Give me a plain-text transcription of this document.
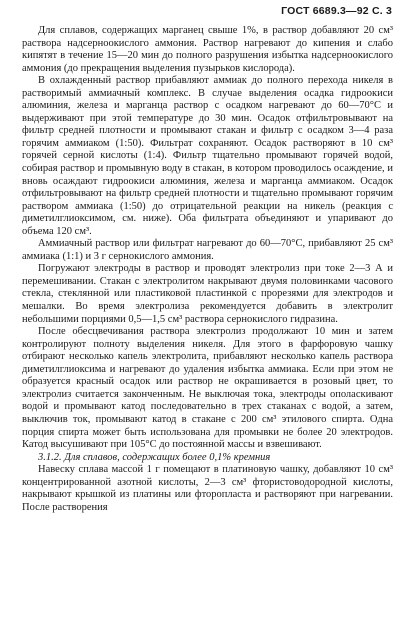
ГОСТ 6689.3—92 С. 3

Для сплавов, содержащих марганец свыше 1%, в раствор добавляют 20 см³ раствора надсерноокислого аммония. Раствор нагревают до кипения и слабо кипятят в течение 15—20 мин до полного разрушения избытка надсерноокислого аммония (до прекращения выделения пузырьков кислорода).

В охлажденный раствор прибавляют аммиак до полного перехода никеля в растворимый аммиачный комплекс. В случае выделения осадка гидроокиси алюминия, железа и марганца раствор с осадком нагревают до 60—70°С и выдерживают при этой температуре до 30 мин. Осадок отфильтровывают на фильтр средней плотности и промывают стакан и фильтр с осадком 3—4 раза горячим аммиаком (1:50). Фильтрат сохраняют. Осадок растворяют в 10 см³ горячей серной кислоты (1:4). Фильтр тщательно промывают горячей водой, собирая раствор и промывную воду в стакан, в котором проводилось осаждение, и вновь осаждают гидроокиси алюминия, железа и марганца аммиаком. Осадок отфильтровывают на фильтр средней плотности и тщательно промывают горячим раствором аммиака (1:50) до отрицательной реакции на никель (реакция с диметилглиоксимом, см. ниже). Оба фильтрата объединяют и упаривают до объема 120 см³.

Аммиачный раствор или фильтрат нагревают до 60—70°С, прибавляют 25 см³ аммиака (1:1) и 3 г сернокислого аммония.

Погружают электроды в раствор и проводят электролиз при токе 2—3 А и перемешивании. Стакан с электролитом накрывают двумя половинками часового стекла, стеклянной или пластиковой пластинкой с прорезями для электродов и мешалки. Во время электролиза рекомендуется добавить в электролит небольшими порциями 0,5—1,5 см³ раствора сернокислого гидразина.

После обесцвечивания раствора электролиз продолжают 10 мин и затем контролируют полноту выделения никеля. Для этого в фарфоровую чашку отбирают несколько капель электролита, прибавляют несколько капель раствора диметилглиоксима и нагревают до удаления избытка аммиака. Если при этом не образуется красный осадок или раствор не окрашивается в розовый цвет, то электролиз считается законченным. Не выключая тока, электроды ополаскивают водой и промывают катод последовательно в трех стаканах с водой, а затем, выключив ток, промывают катод в стакане с 200 см³ этилового спирта. Одна порция спирта может быть использована для промывки не более 20 электродов. Катод высушивают при 105°С до постоянной массы и взвешивают.

3.1.2. Для сплавов, содержащих более 0,1% кремния

Навеску сплава массой 1 г помещают в платиновую чашку, добавляют 10 см³ концентрированной азотной кислоты, 2—3 см³ фтористоводородной кислоты, накрывают крышкой из платины или фторопласта и растворяют при нагревании. После растворения
